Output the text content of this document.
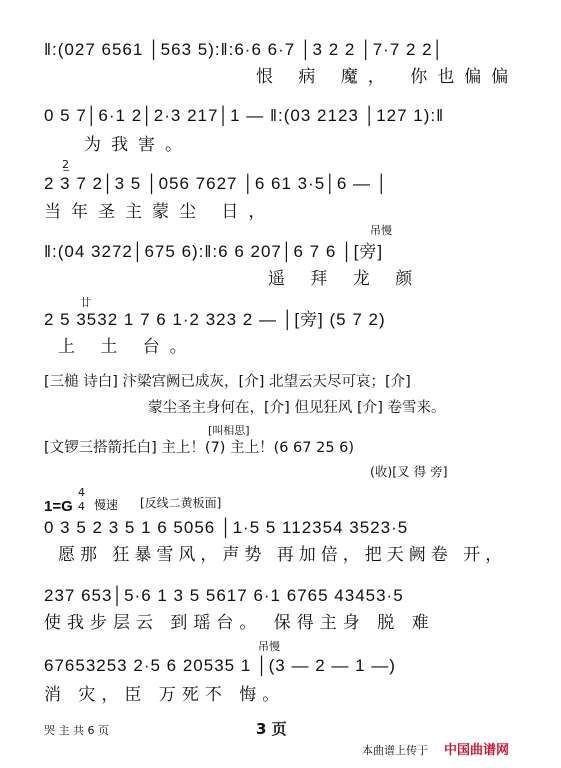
‖:(027 6561 │563 5):‖:6·6 6·7 │3 2 2 │7·7 2 2│
恨 病 魔， 你也偏偏
0 5 7│6·1 2│2·3 217│1 — ‖:(03 2123 │127 1):‖
为我害。
2̲
2 3 7 2│3 5 │056 7627 │6 61 3·5│6 — │
当年圣主蒙尘 日，
吊慢
‖:(04 3272│675 6):‖:6 6 207│6 7 6 │[旁]
遥 拜 龙 颜
廿
2 5 3532 1 7 6 1·2 323 2 — │[旁] (5 7 2)
上 土 台。
[三槌 诗白] 汴梁宫阙已成灰，[介] 北望云天尽可哀；[介]
蒙尘圣主身何在，[介] 但见狂风 [介] 卷雪来。
[叫相思]
[文锣三搭箭托白] 主上！(7) 主上！(6 67 25 6)
(收)[叉 得 旁]
1=G
4
4 慢速 [反线二黄板面]
0 3 5 2 3 5 1 6 5056 │1·5 5 112354 3523·5
愿那 狂暴雪风，声势 再加倍，把天阙卷 开，
237 653│5·6 1 3 5 5617 6·1 6765 43453·5
使我步层云 到瑶台。 保得主身 脱 难
吊慢
67653253 2·5 6 20535 1 │(3 — 2 — 1 —)
消 灾，臣 万死不 悔。
哭 主 共 6 页	3 页
本曲谱上传于 中国曲谱网
